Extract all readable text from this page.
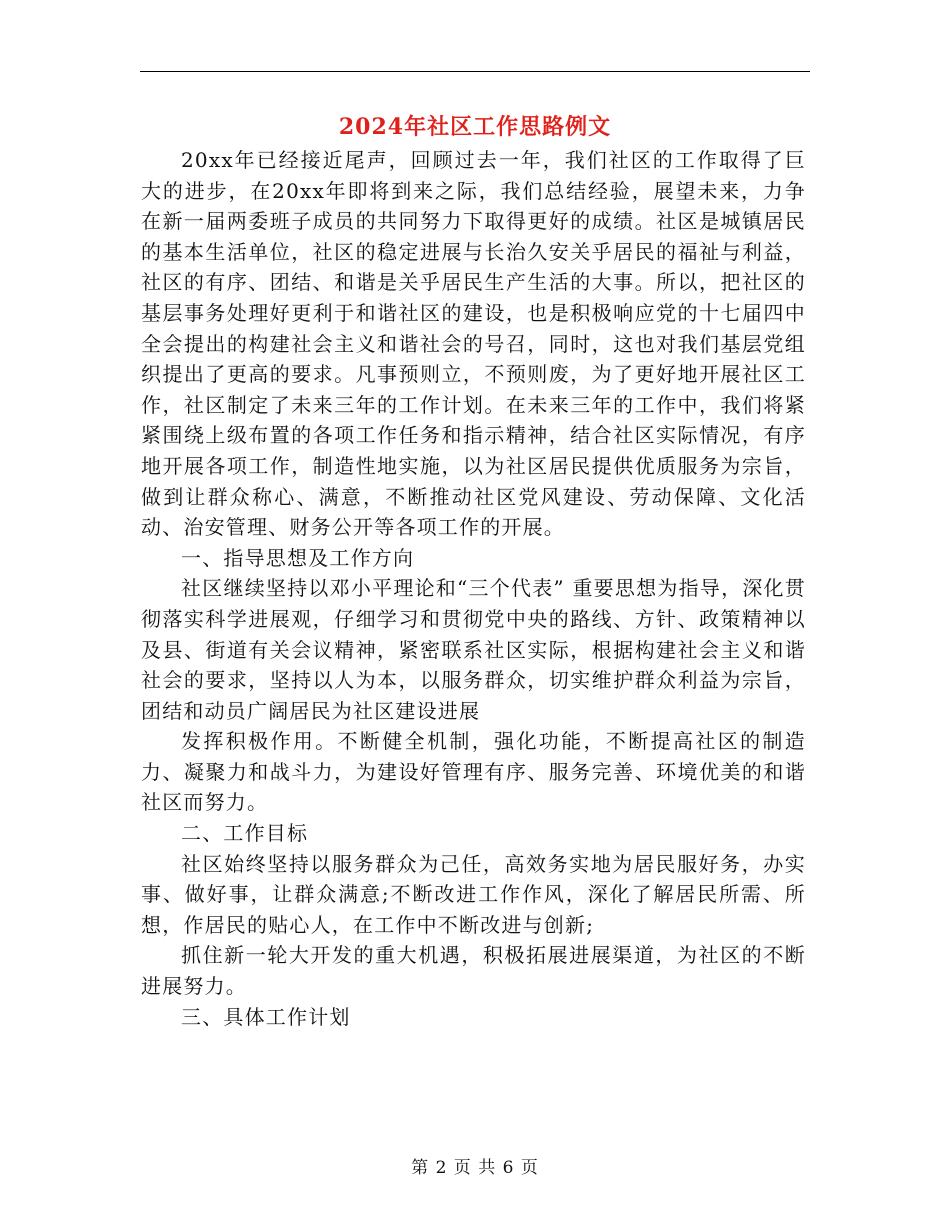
2024年社区工作思路例文

20xx年已经接近尾声，回顾过去一年，我们社区的工作取得了巨大的进步，在20xx年即将到来之际，我们总结经验，展望未来，力争在新一届两委班子成员的共同努力下取得更好的成绩。社区是城镇居民的基本生活单位，社区的稳定进展与长治久安关乎居民的福祉与利益，社区的有序、团结、和谐是关乎居民生产生活的大事。所以，把社区的基层事务处理好更利于和谐社区的建设，也是积极响应党的十七届四中全会提出的构建社会主义和谐社会的号召，同时，这也对我们基层党组织提出了更高的要求。凡事预则立，不预则废，为了更好地开展社区工作，社区制定了未来三年的工作计划。在未来三年的工作中，我们将紧紧围绕上级布置的各项工作任务和指示精神，结合社区实际情况，有序地开展各项工作，制造性地实施，以为社区居民提供优质服务为宗旨，做到让群众称心、满意，不断推动社区党风建设、劳动保障、文化活动、治安管理、财务公开等各项工作的开展。

一、指导思想及工作方向

社区继续坚持以邓小平理论和“三个代表” 重要思想为指导，深化贯彻落实科学进展观，仔细学习和贯彻党中央的路线、方针、政策精神以及县、街道有关会议精神，紧密联系社区实际，根据构建社会主义和谐社会的要求，坚持以人为本，以服务群众，切实维护群众利益为宗旨，团结和动员广阔居民为社区建设进展

发挥积极作用。不断健全机制，强化功能，不断提高社区的制造力、凝聚力和战斗力，为建设好管理有序、服务完善、环境优美的和谐社区而努力。

二、工作目标

社区始终坚持以服务群众为己任，高效务实地为居民服好务，办实事、做好事，让群众满意;不断改进工作作风，深化了解居民所需、所想，作居民的贴心人，在工作中不断改进与创新;

抓住新一轮大开发的重大机遇，积极拓展进展渠道，为社区的不断进展努力。

三、具体工作计划

第 2 页 共 6 页
